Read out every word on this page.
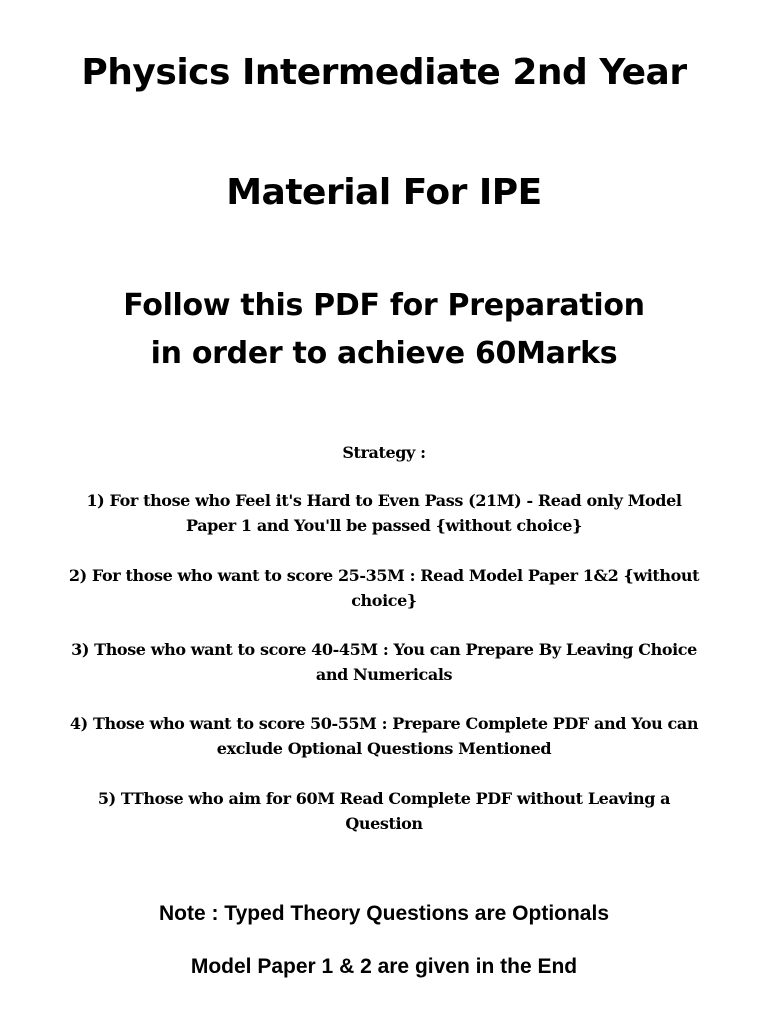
Physics Intermediate 2nd Year
Material For IPE
Follow this PDF for Preparation
in order to achieve 60Marks
Strategy :
1) For those who Feel it's Hard to Even Pass (21M) - Read only Model
Paper 1 and You'll be passed {without choice}
2) For those who want to score 25-35M : Read Model Paper 1&2 {without
choice}
3) Those who want to score 40-45M : You can Prepare By Leaving Choice
and Numericals
4) Those who want to score 50-55M : Prepare Complete PDF and You can
exclude Optional Questions Mentioned
5) TThose who aim for 60M Read Complete PDF without Leaving a
Question
Note : Typed Theory Questions are Optionals
Model Paper 1 & 2 are given in the End
